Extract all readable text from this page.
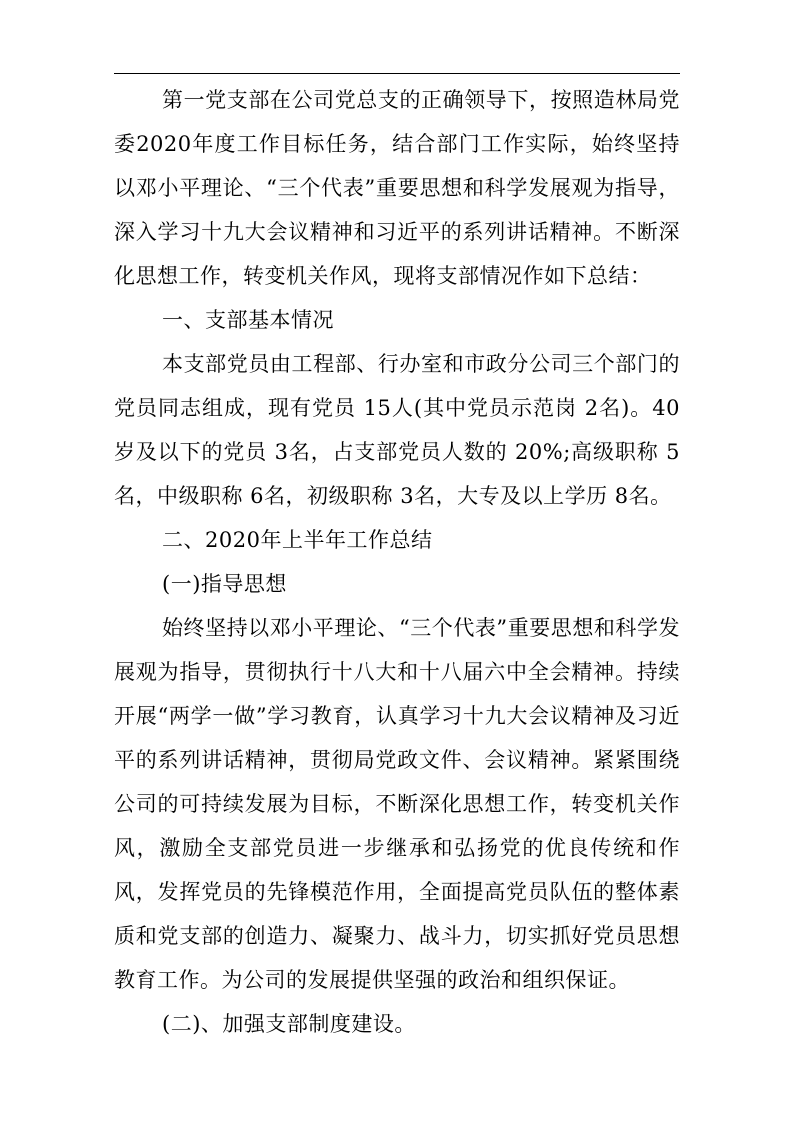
第一党支部在公司党总支的正确领导下，按照造林局党委2020年度工作目标任务，结合部门工作实际，始终坚持以邓小平理论、“三个代表”重要思想和科学发展观为指导，深入学习十九大会议精神和习近平的系列讲话精神。不断深化思想工作，转变机关作风，现将支部情况作如下总结：

一、支部基本情况

本支部党员由工程部、行办室和市政分公司三个部门的党员同志组成，现有党员 15人(其中党员示范岗 2名)。40岁及以下的党员 3名，占支部党员人数的 20%;高级职称 5名，中级职称 6名，初级职称 3名，大专及以上学历 8名。

二、2020年上半年工作总结

(一)指导思想

始终坚持以邓小平理论、“三个代表”重要思想和科学发展观为指导，贯彻执行十八大和十八届六中全会精神。持续开展“两学一做”学习教育，认真学习十九大会议精神及习近平的系列讲话精神，贯彻局党政文件、会议精神。紧紧围绕公司的可持续发展为目标，不断深化思想工作，转变机关作风，激励全支部党员进一步继承和弘扬党的优良传统和作风，发挥党员的先锋模范作用，全面提高党员队伍的整体素质和党支部的创造力、凝聚力、战斗力，切实抓好党员思想教育工作。为公司的发展提供坚强的政治和组织保证。

(二)、加强支部制度建设。
